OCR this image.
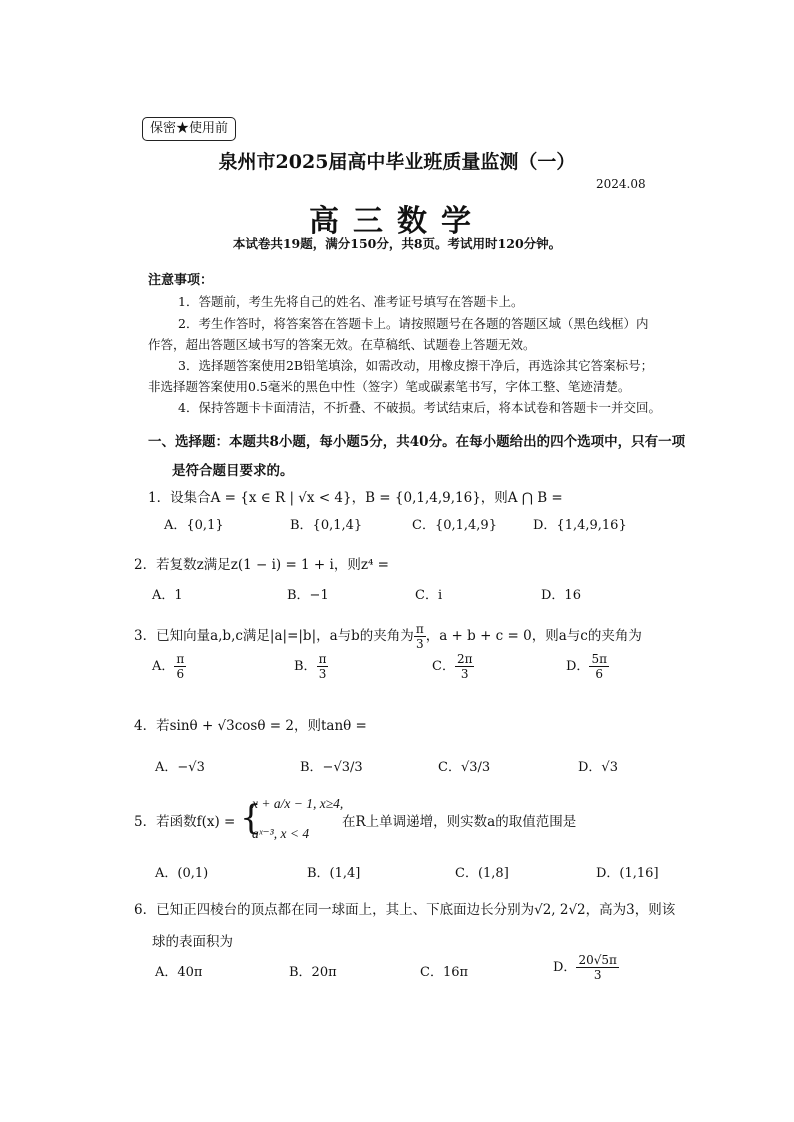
保密★使用前
泉州市2025届高中毕业班质量监测（一）
2024.08
高三数学
本试卷共19题，满分150分，共8页。考试用时120分钟。
注意事项：
1．答题前，考生先将自己的姓名、准考证号填写在答题卡上。
2．考生作答时，将答案答在答题卡上。请按照题号在各题的答题区域（黑色线框）内
作答，超出答题区域书写的答案无效。在草稿纸、试题卷上答题无效。
3．选择题答案使用2B铅笔填涂，如需改动，用橡皮擦干净后，再选涂其它答案标号；
非选择题答案使用0.5毫米的黑色中性（签字）笔或碳素笔书写，字体工整、笔迹清楚。
4．保持答题卡卡面清洁，不折叠、不破损。考试结束后，将本试卷和答题卡一并交回。
一、选择题：本题共8小题，每小题5分，共40分。在每小题给出的四个选项中，只有一项
是符合题目要求的。
1．设集合A = {x ∈ R | √x < 4}，B = {0,1,4,9,16}，则A ⋂ B =
A．{0,1}	B．{0,1,4}	C．{0,1,4,9}	D．{1,4,9,16}
2．若复数z满足z(1 − i) = 1 + i，则z⁴ =
A．1	B．−1	C．i	D．16
3．已知向量a,b,c满足|a|=|b|，a与b的夹角为 $\frac{\pi}{3}$ ，a + b + c = 0，则a与c的夹角为
A． $\frac{\pi}{6}$	B． $\frac{\pi}{3}$	C． $\frac{2\pi}{3}$	D． $\frac{5\pi}{6}$
4．若sinθ + √3cosθ = 2，则tanθ =
A．−√3	B．−√3/3	C．√3/3	D．√3
5．若函数f(x) = {
x + a/x − 1, x≥4,
aˣ⁻³, x < 4
在R上单调递增，则实数a的取值范围是
A．(0,1)	B．(1,4]	C．(1,8]	D．(1,16]
6．已知正四棱台的顶点都在同一球面上，其上、下底面边长分别为√2, 2√2，高为3，则该
球的表面积为
A．40π	B．20π	C．16π	D． $\frac{20√5\pi}{3}$
